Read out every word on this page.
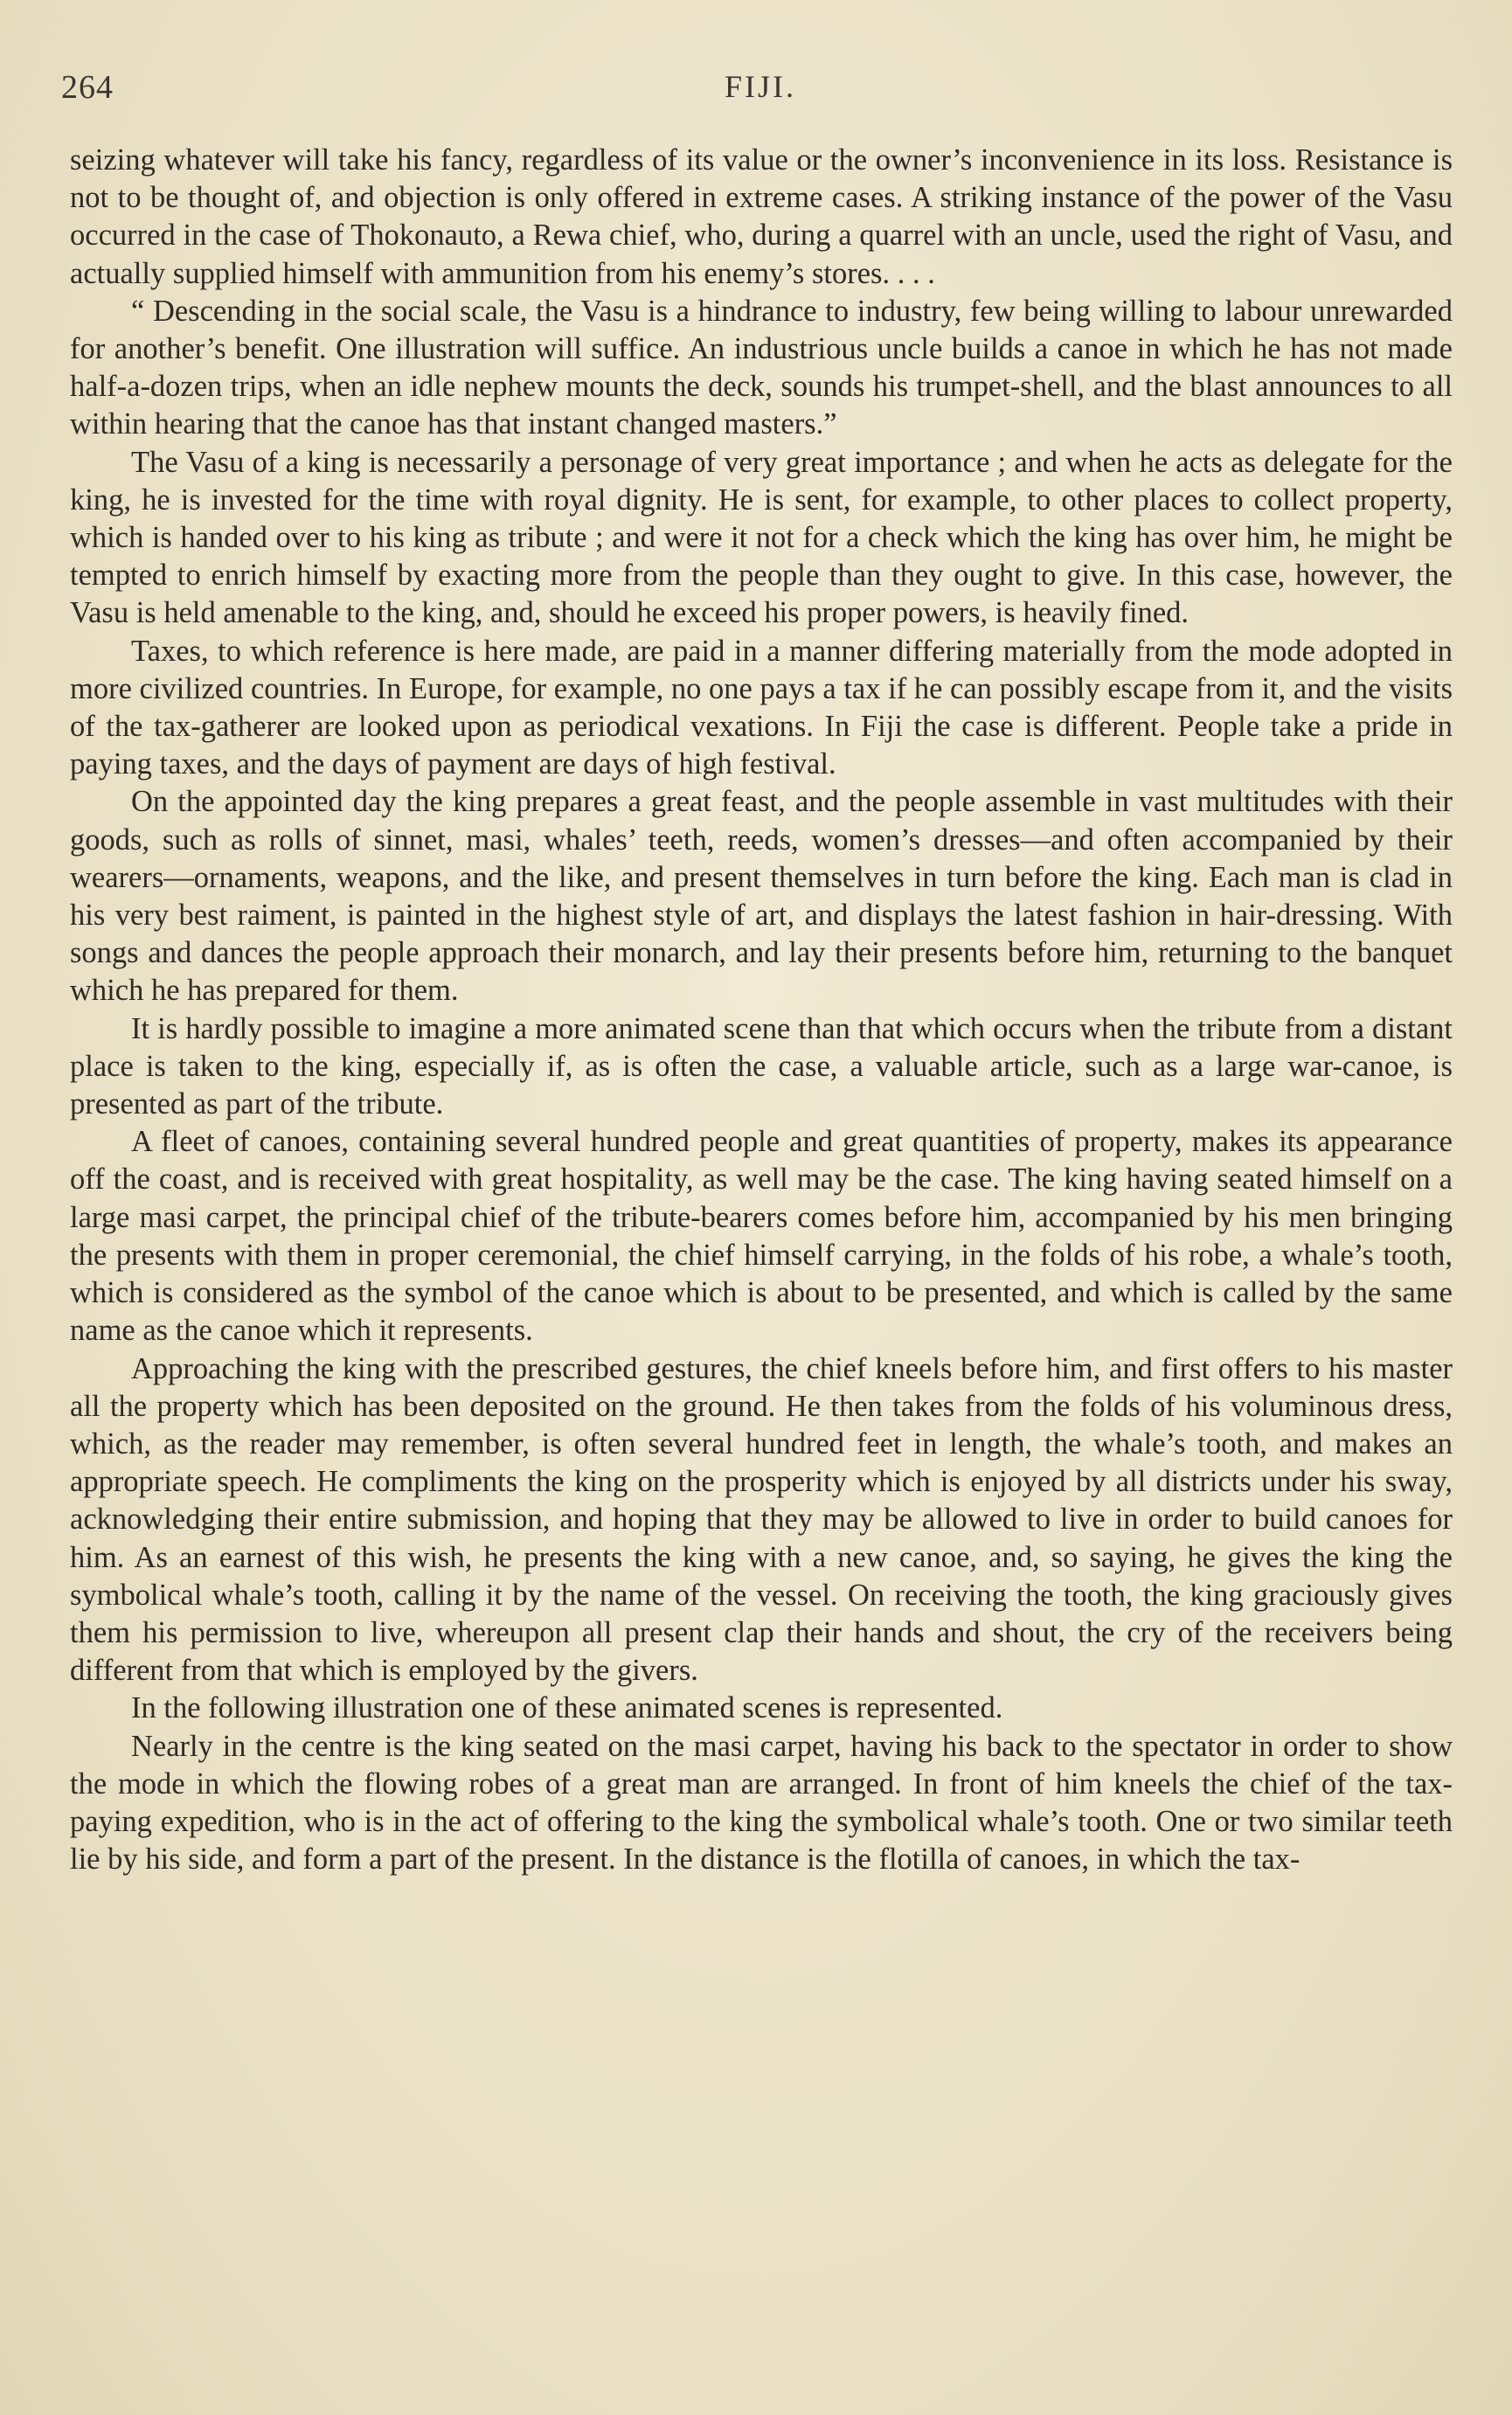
264	FIJI.

seizing whatever will take his fancy, regardless of its value or the owner’s inconvenience in its loss. Resistance is not to be thought of, and objection is only offered in extreme cases. A striking instance of the power of the Vasu occurred in the case of Thokonauto, a Rewa chief, who, during a quarrel with an uncle, used the right of Vasu, and actually supplied himself with ammunition from his enemy’s stores. . . .

“ Descending in the social scale, the Vasu is a hindrance to industry, few being willing to labour unrewarded for another’s benefit. One illustration will suffice. An industrious uncle builds a canoe in which he has not made half-a-dozen trips, when an idle nephew mounts the deck, sounds his trumpet-shell, and the blast announces to all within hearing that the canoe has that instant changed masters.”

The Vasu of a king is necessarily a personage of very great importance ; and when he acts as delegate for the king, he is invested for the time with royal dignity. He is sent, for example, to other places to collect property, which is handed over to his king as tribute ; and were it not for a check which the king has over him, he might be tempted to enrich himself by exacting more from the people than they ought to give. In this case, however, the Vasu is held amenable to the king, and, should he exceed his proper powers, is heavily fined.

Taxes, to which reference is here made, are paid in a manner differing materially from the mode adopted in more civilized countries. In Europe, for example, no one pays a tax if he can possibly escape from it, and the visits of the tax-gatherer are looked upon as periodical vexations. In Fiji the case is different. People take a pride in paying taxes, and the days of payment are days of high festival.

On the appointed day the king prepares a great feast, and the people assemble in vast multitudes with their goods, such as rolls of sinnet, masi, whales’ teeth, reeds, women’s dresses—and often accompanied by their wearers—ornaments, weapons, and the like, and present themselves in turn before the king. Each man is clad in his very best raiment, is painted in the highest style of art, and displays the latest fashion in hair-dressing. With songs and dances the people approach their monarch, and lay their presents before him, returning to the banquet which he has prepared for them.

It is hardly possible to imagine a more animated scene than that which occurs when the tribute from a distant place is taken to the king, especially if, as is often the case, a valuable article, such as a large war-canoe, is presented as part of the tribute.

A fleet of canoes, containing several hundred people and great quantities of property, makes its appearance off the coast, and is received with great hospitality, as well may be the case. The king having seated himself on a large masi carpet, the principal chief of the tribute-bearers comes before him, accompanied by his men bringing the presents with them in proper ceremonial, the chief himself carrying, in the folds of his robe, a whale’s tooth, which is considered as the symbol of the canoe which is about to be presented, and which is called by the same name as the canoe which it represents.

Approaching the king with the prescribed gestures, the chief kneels before him, and first offers to his master all the property which has been deposited on the ground. He then takes from the folds of his voluminous dress, which, as the reader may remember, is often several hundred feet in length, the whale’s tooth, and makes an appropriate speech. He compliments the king on the prosperity which is enjoyed by all districts under his sway, acknowledging their entire submission, and hoping that they may be allowed to live in order to build canoes for him. As an earnest of this wish, he presents the king with a new canoe, and, so saying, he gives the king the symbolical whale’s tooth, calling it by the name of the vessel. On receiving the tooth, the king graciously gives them his permission to live, whereupon all present clap their hands and shout, the cry of the receivers being different from that which is employed by the givers.

In the following illustration one of these animated scenes is represented.

Nearly in the centre is the king seated on the masi carpet, having his back to the spectator in order to show the mode in which the flowing robes of a great man are arranged. In front of him kneels the chief of the tax-paying expedition, who is in the act of offering to the king the symbolical whale’s tooth. One or two similar teeth lie by his side, and form a part of the present. In the distance is the flotilla of canoes, in which the tax-
